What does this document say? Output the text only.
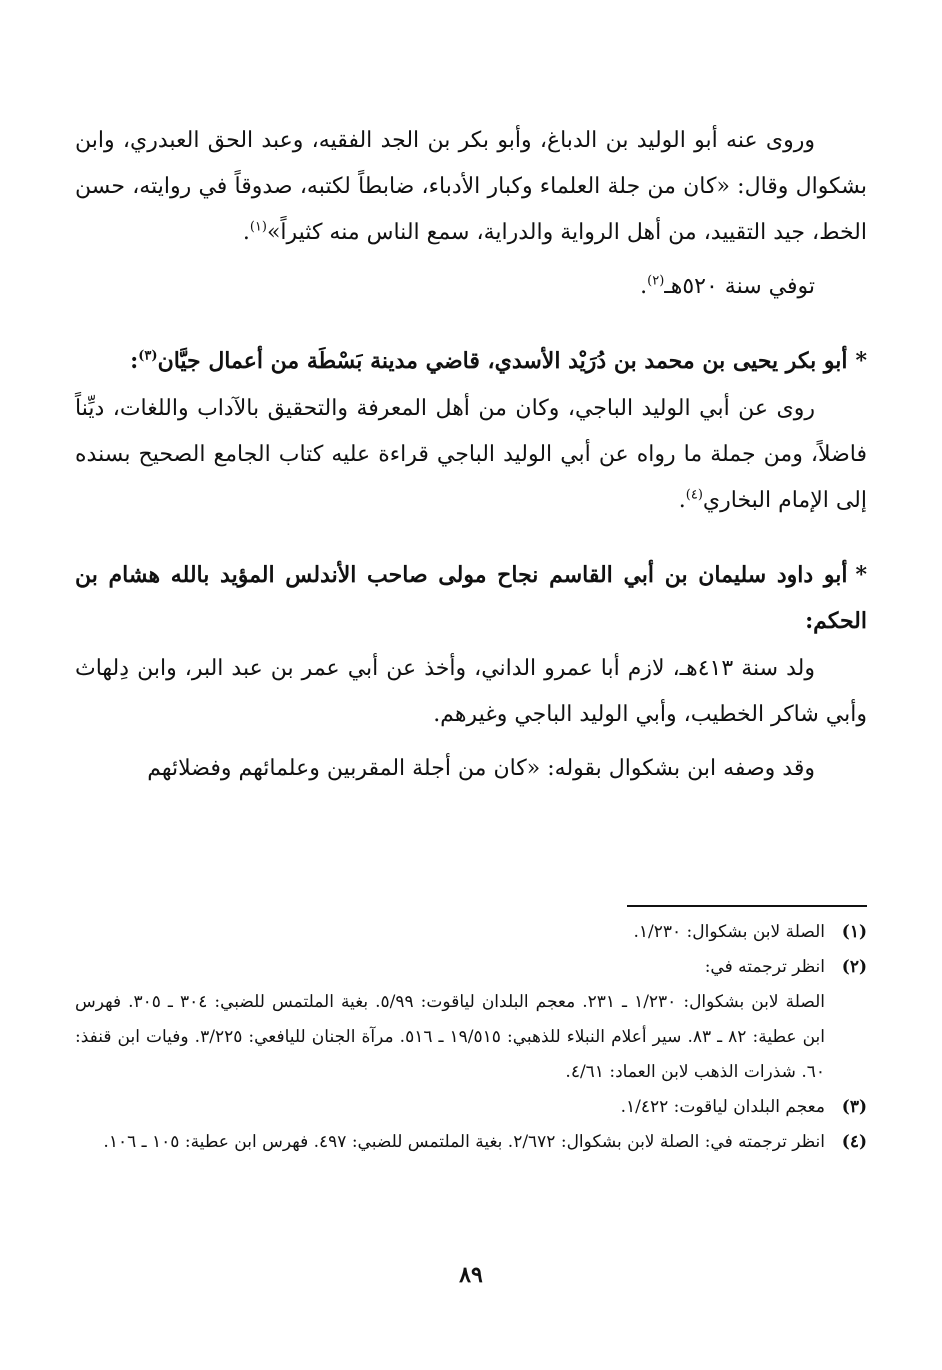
وروى عنه أبو الوليد بن الدباغ، وأبو بكر بن الجد الفقيه، وعبد الحق العبدري، وابن بشكوال وقال: «كان من جلة العلماء وكبار الأدباء، ضابطاً لكتبه، صدوقاً في روايته، حسن الخط، جيد التقييد، من أهل الرواية والدراية، سمع الناس منه كثيراً»$^{(١)}$.

توفي سنة ٥٢٠هـ$^{(٢)}$.

*أبو بكر يحيى بن محمد بن دُرَيْد الأسدي، قاضي مدينة بَسْطَة من أعمال جيَّان$^{(٣)}$:

روى عن أبي الوليد الباجي، وكان من أهل المعرفة والتحقيق بالآداب واللغات، ديِّناً فاضلاً، ومن جملة ما رواه عن أبي الوليد الباجي قراءة عليه كتاب الجامع الصحيح بسنده إلى الإمام البخاري$^{(٤)}$.

*أبو داود سليمان بن أبي القاسم نجاح مولى صاحب الأندلس المؤيد بالله هشام بن الحكم:

ولد سنة ٤١٣هـ، لازم أبا عمرو الداني، وأخذ عن أبي عمر بن عبد البر، وابن دِلهاث وأبي شاكر الخطيب، وأبي الوليد الباجي وغيرهم.

وقد وصفه ابن بشكوال بقوله: «كان من أجلة المقربين وعلمائهم وفضلائهم

(١)
الصلة لابن بشكوال: ١/٢٣٠.
(٢)
انظر ترجمته في:
الصلة لابن بشكوال: ١/٢٣٠ ـ ٢٣١. معجم البلدان لياقوت: ٥/٩٩. بغية الملتمس للضبي: ٣٠٤ ـ ٣٠٥. فهرس ابن عطية: ٨٢ ـ ٨٣. سير أعلام النبلاء للذهبي: ١٩/٥١٥ ـ ٥١٦. مرآة الجنان لليافعي: ٣/٢٢٥. وفيات ابن قنفذ: ٦٠. شذرات الذهب لابن العماد: ٤/٦١.
(٣)
معجم البلدان لياقوت: ١/٤٢٢.
(٤)
انظر ترجمته في: الصلة لابن بشكوال: ٢/٦٧٢. بغية الملتمس للضبي: ٤٩٧. فهرس ابن عطية: ١٠٥ ـ ١٠٦.
٨٩
